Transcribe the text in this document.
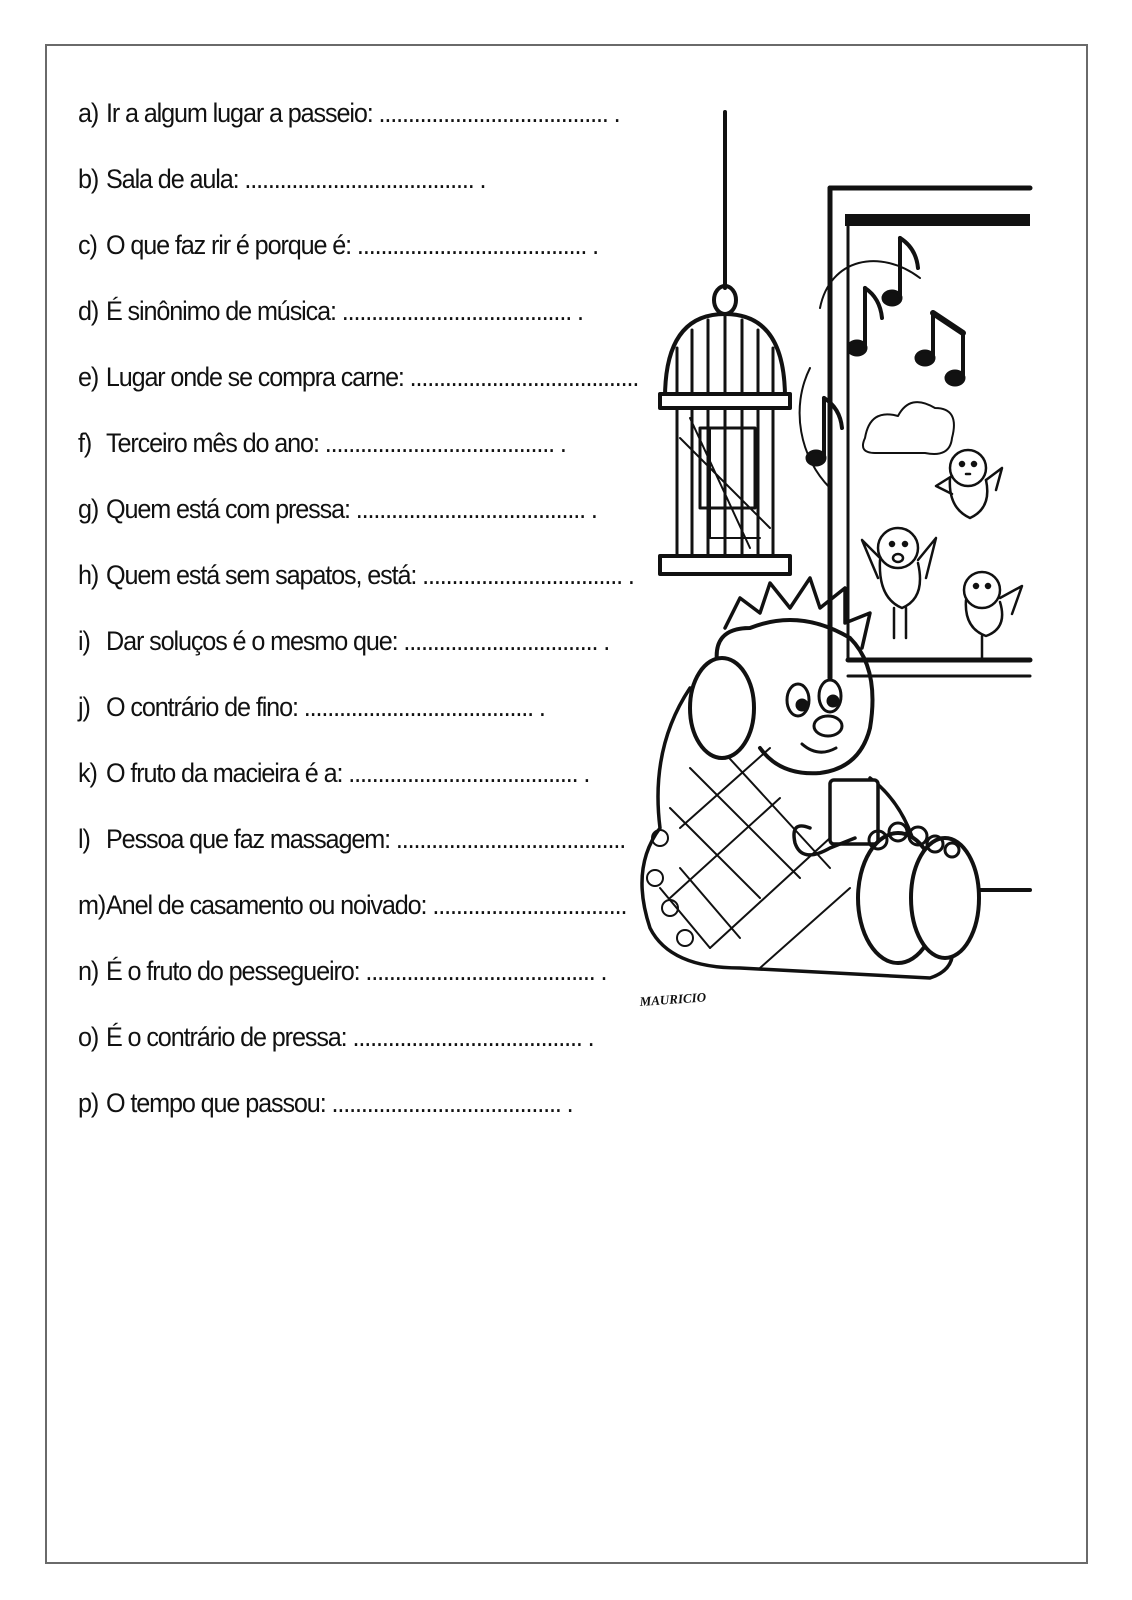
a) Ir a algum lugar a passeio: ....................................... .
b) Sala de aula: ....................................... .
c) O que faz rir é porque é: ....................................... .
d) É sinônimo de música: ....................................... .
e) Lugar onde se compra carne: .......................................
f) Terceiro mês do ano: ....................................... .
g) Quem está com pressa: ....................................... .
h) Quem está sem sapatos, está: .................................. .
i) Dar soluços é o mesmo que: ................................. .
j) O contrário de fino: ....................................... .
k) O fruto da macieira é a: ....................................... .
l) Pessoa que faz massagem: .......................................
m) Anel de casamento ou noivado: .................................
n) É o fruto do pessegueiro: ....................................... .
o) É o contrário de pressa: ....................................... .
p) O tempo que passou: ....................................... .
MAURICIO
